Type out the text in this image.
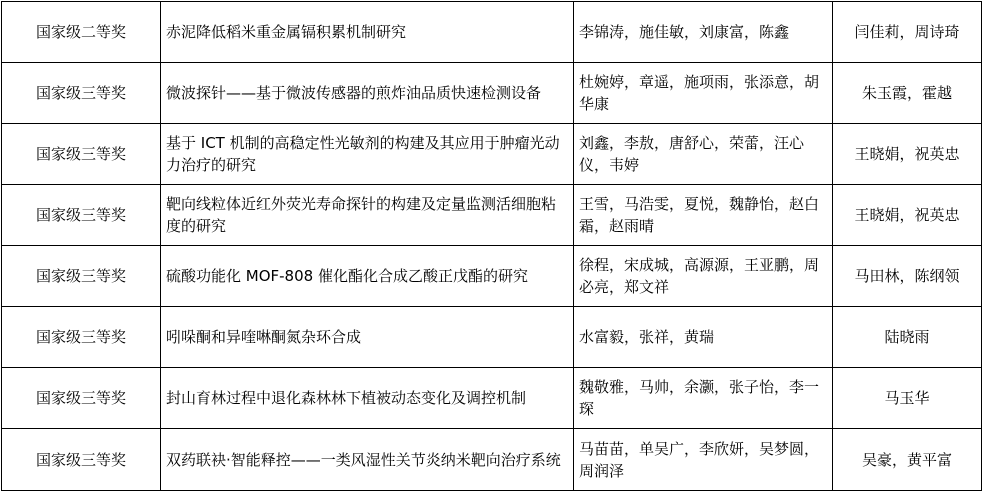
国家级二等奖	赤泥降低稻米重金属镉积累机制研究	李锦涛，施佳敏，刘康富，陈鑫	闫佳莉，周诗琦
国家级三等奖	微波探针——基于微波传感器的煎炸油品质快速检测设备	杜婉婷，章遥，施项雨，张添意，胡华康	朱玉霞，霍越
国家级三等奖	基于 ICT 机制的高稳定性光敏剂的构建及其应用于肿瘤光动力治疗的研究	刘鑫，李敖，唐舒心，荣蕾，汪心仪，韦婷	王晓娟，祝英忠
国家级三等奖	靶向线粒体近红外荧光寿命探针的构建及定量监测活细胞粘度的研究	王雪，马浩雯，夏悦，魏静怡，赵白霜，赵雨晴	王晓娟，祝英忠
国家级三等奖	硫酸功能化 MOF-808 催化酯化合成乙酸正戊酯的研究	徐程，宋成城，高源源，王亚鹏，周必亮，郑文祥	马田林，陈纲领
国家级三等奖	吲哚酮和异喹啉酮氮杂环合成	水富毅，张祥，黄瑞	陆晓雨
国家级三等奖	封山育林过程中退化森林林下植被动态变化及调控机制	魏敬雅，马帅，余灏，张子怡，李一琛	马玉华
国家级三等奖	双药联袂·智能释控——一类风湿性关节炎纳米靶向治疗系统	马苗苗，单吴广，李欣妍，吴梦圆，周润泽	吴豪，黄平富
